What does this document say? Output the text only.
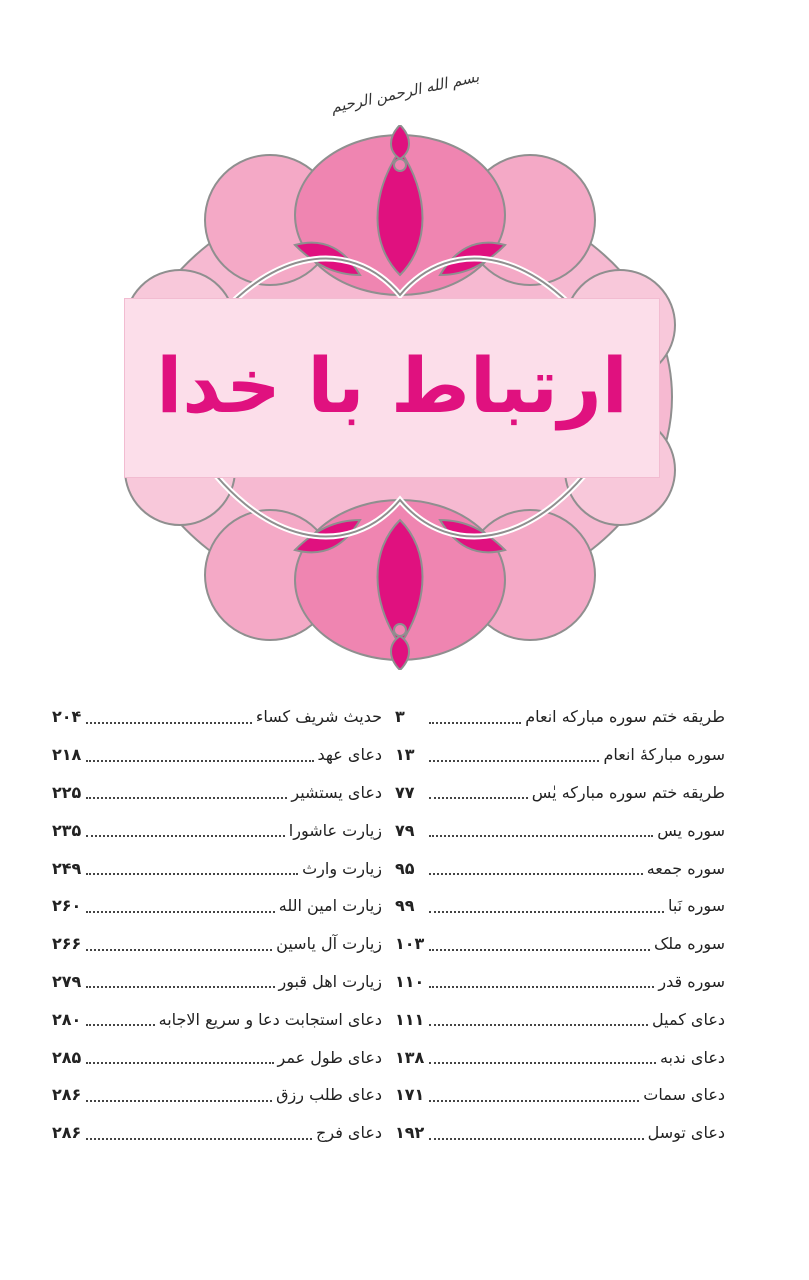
بسم الله الرحمن الرحیم
ارتباط با خدا
طریقه ختم سوره مبارکه انعام
۳
سوره مبارکهٔ انعام
۱۳
طریقه ختم سوره مبارکه یٰس
۷۷
سوره یس
۷۹
سوره جمعه
۹۵
سوره نَبا
۹۹
سوره ملک
۱۰۳
سوره قدر
۱۱۰
دعای کمیل
۱۱۱
دعای ندبه
۱۳۸
دعای سمات
۱۷۱
دعای توسل
۱۹۲
حدیث شریف کساء
۲۰۴
دعای عهد
۲۱۸
دعای یستشیر
۲۲۵
زیارت عاشورا
۲۳۵
زیارت وارث
۲۴۹
زیارت امین الله
۲۶۰
زیارت آل یاسین
۲۶۶
زیارت اهل قبور
۲۷۹
دعای استجابت دعا و سریع الاجابه
۲۸۰
دعای طول عمر
۲۸۵
دعای طلب رزق
۲۸۶
دعای فرج
۲۸۶
